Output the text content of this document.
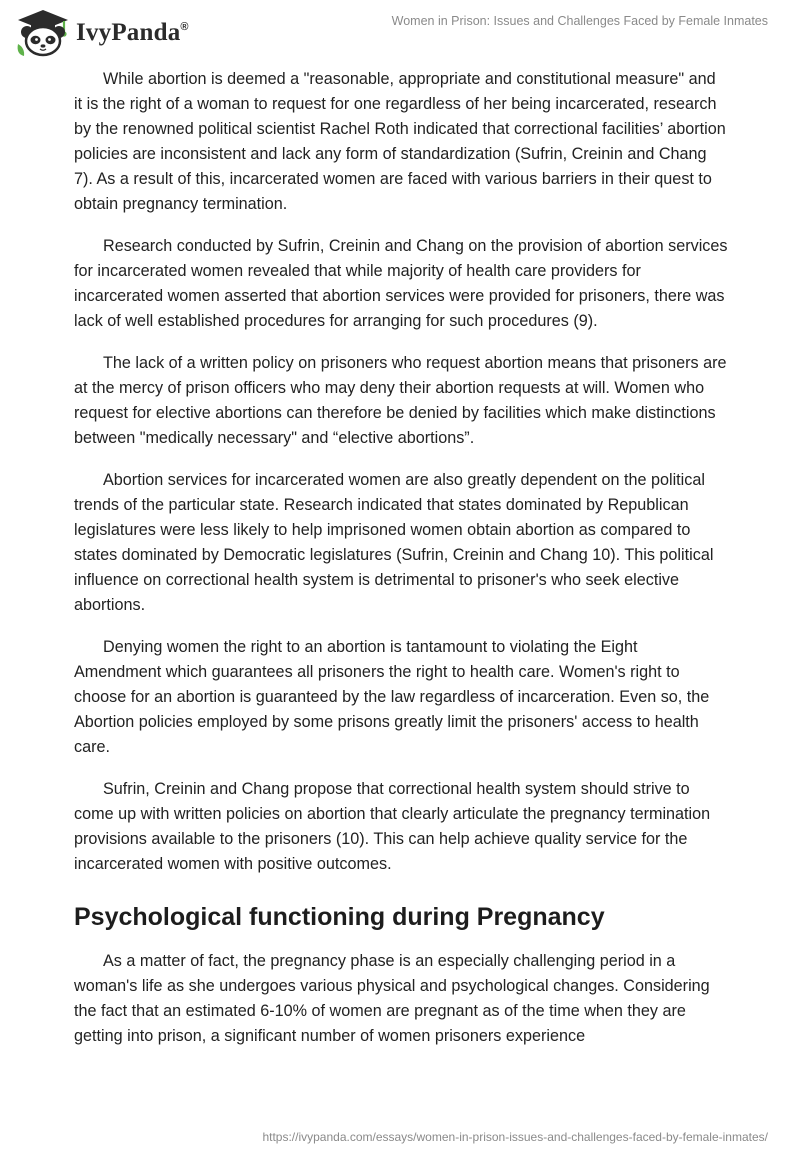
IvyPanda®	Women in Prison: Issues and Challenges Faced by Female Inmates

While abortion is deemed a "reasonable, appropriate and constitutional measure" and it is the right of a woman to request for one regardless of her being incarcerated, research by the renowned political scientist Rachel Roth indicated that correctional facilities’ abortion policies are inconsistent and lack any form of standardization (Sufrin, Creinin and Chang 7). As a result of this, incarcerated women are faced with various barriers in their quest to obtain pregnancy termination.

Research conducted by Sufrin, Creinin and Chang on the provision of abortion services for incarcerated women revealed that while majority of health care providers for incarcerated women asserted that abortion services were provided for prisoners, there was lack of well established procedures for arranging for such procedures (9).

The lack of a written policy on prisoners who request abortion means that prisoners are at the mercy of prison officers who may deny their abortion requests at will. Women who request for elective abortions can therefore be denied by facilities which make distinctions between "medically necessary" and “elective abortions”.

Abortion services for incarcerated women are also greatly dependent on the political trends of the particular state. Research indicated that states dominated by Republican legislatures were less likely to help imprisoned women obtain abortion as compared to states dominated by Democratic legislatures (Sufrin, Creinin and Chang 10). This political influence on correctional health system is detrimental to prisoner's who seek elective abortions.

Denying women the right to an abortion is tantamount to violating the Eight Amendment which guarantees all prisoners the right to health care. Women's right to choose for an abortion is guaranteed by the law regardless of incarceration. Even so, the Abortion policies employed by some prisons greatly limit the prisoners' access to health care.

Sufrin, Creinin and Chang propose that correctional health system should strive to come up with written policies on abortion that clearly articulate the pregnancy termination provisions available to the prisoners (10). This can help achieve quality service for the incarcerated women with positive outcomes.

Psychological functioning during Pregnancy

As a matter of fact, the pregnancy phase is an especially challenging period in a woman's life as she undergoes various physical and psychological changes. Considering the fact that an estimated 6-10% of women are pregnant as of the time when they are getting into prison, a significant number of women prisoners experience

https://ivypanda.com/essays/women-in-prison-issues-and-challenges-faced-by-female-inmates/
